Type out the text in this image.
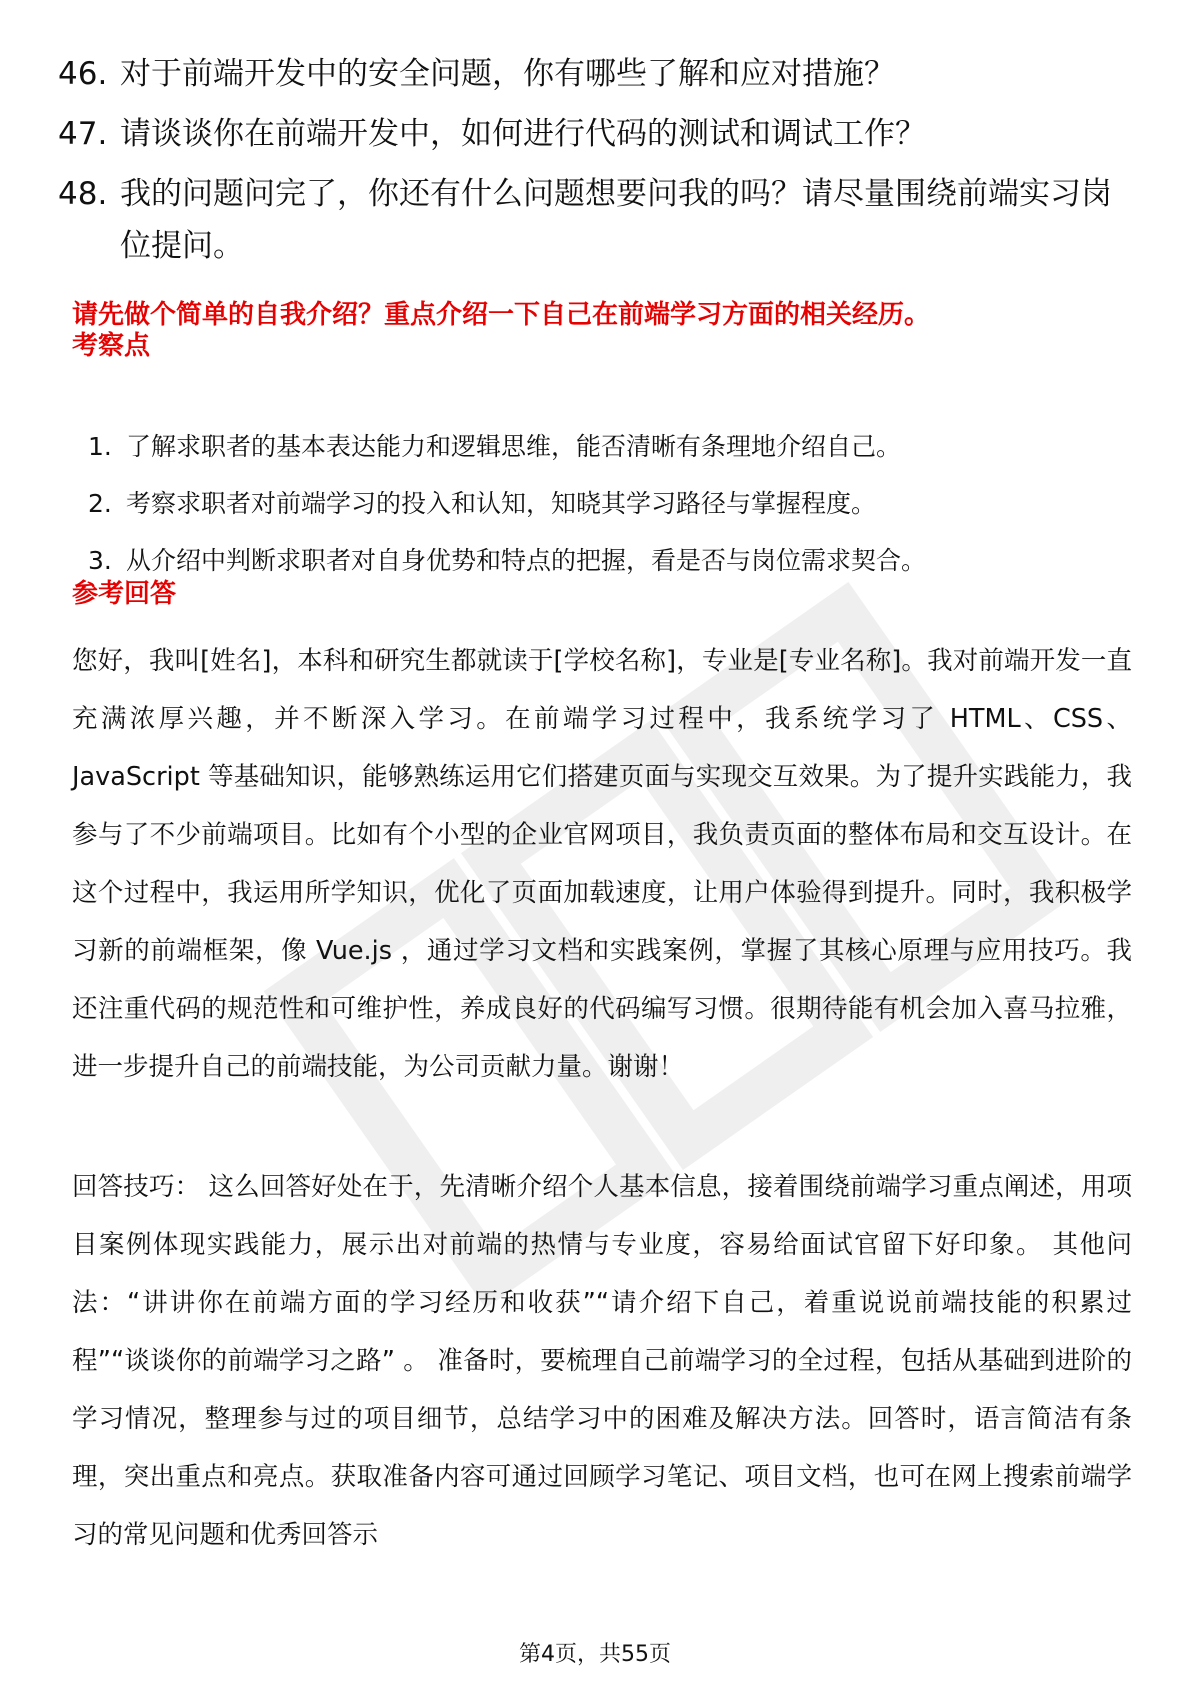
46. 对于前端开发中的安全问题，你有哪些了解和应对措施？
47. 请谈谈你在前端开发中，如何进行代码的测试和调试工作？
48. 我的问题问完了，你还有什么问题想要问我的吗？请尽量围绕前端实习岗位提问。
请先做个简单的自我介绍？重点介绍一下自己在前端学习方面的相关经历。
考察点
1. 了解求职者的基本表达能力和逻辑思维，能否清晰有条理地介绍自己。
2. 考察求职者对前端学习的投入和认知，知晓其学习路径与掌握程度。
3. 从介绍中判断求职者对自身优势和特点的把握，看是否与岗位需求契合。
参考回答

您好，我叫[姓名]，本科和研究生都就读于[学校名称]，专业是[专业名称]。我对前端开发一直充满浓厚兴趣，并不断深入学习。在前端学习过程中，我系统学习了 HTML、CSS、JavaScript 等基础知识，能够熟练运用它们搭建页面与实现交互效果。为了提升实践能力，我参与了不少前端项目。比如有个小型的企业官网项目，我负责页面的整体布局和交互设计。在这个过程中，我运用所学知识，优化了页面加载速度，让用户体验得到提升。同时，我积极学习新的前端框架，像 Vue.js ，通过学习文档和实践案例，掌握了其核心原理与应用技巧。我还注重代码的规范性和可维护性，养成良好的代码编写习惯。很期待能有机会加入喜马拉雅，进一步提升自己的前端技能，为公司贡献力量。谢谢！

回答技巧： 这么回答好处在于，先清晰介绍个人基本信息，接着围绕前端学习重点阐述，用项目案例体现实践能力，展示出对前端的热情与专业度，容易给面试官留下好印象。 其他问法：“讲讲你在前端方面的学习经历和收获”“请介绍下自己，着重说说前端技能的积累过程”“谈谈你的前端学习之路” 。 准备时，要梳理自己前端学习的全过程，包括从基础到进阶的学习情况，整理参与过的项目细节，总结学习中的困难及解决方法。回答时，语言简洁有条理，突出重点和亮点。获取准备内容可通过回顾学习笔记、项目文档，也可在网上搜索前端学习的常见问题和优秀回答示

第4页，共55页
